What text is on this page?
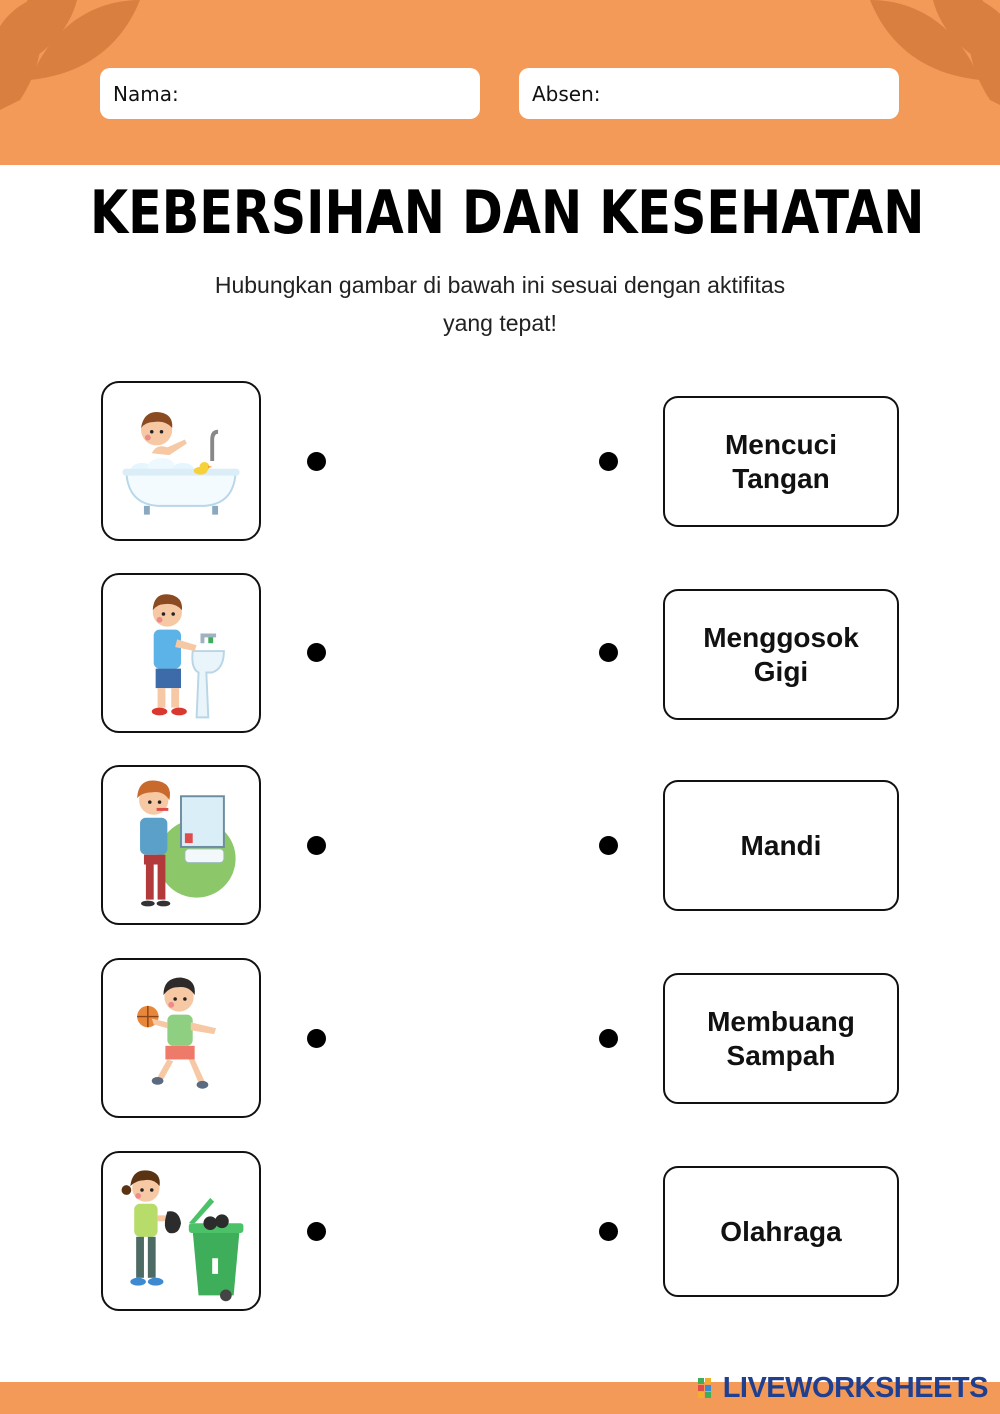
Nama:	Absen:
KEBERSIHAN DAN KESEHATAN
Hubungkan gambar di bawah ini sesuai dengan aktifitas yang tepat!
Mencuci
Tangan
Menggosok
Gigi
Mandi
Membuang
Sampah
Olahraga
LIVEWORKSHEETS
